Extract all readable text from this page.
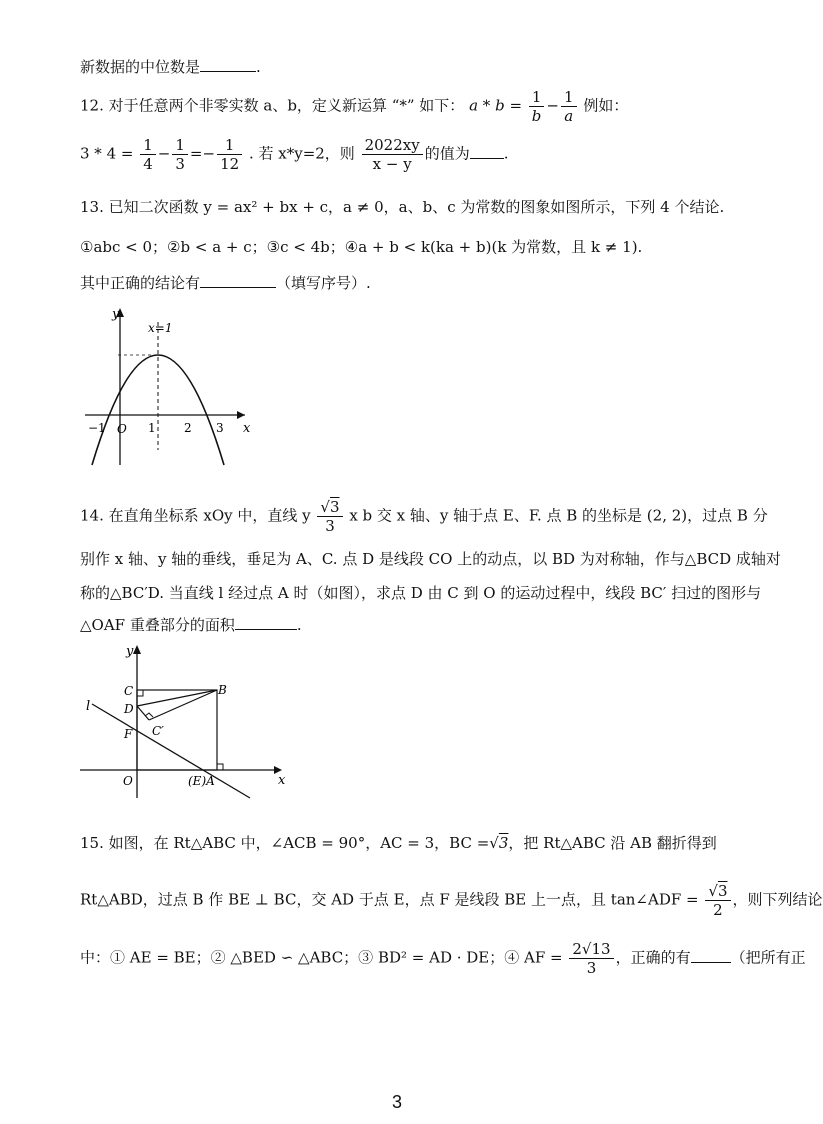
新数据的中位数是	.
12. 对于任意两个非零实数 a、b，定义新运算 “*” 如下： $a * b = \frac{1}{b} - \frac{1}{a}$ 例如：
$3 * 4 = \frac{1}{4} - \frac{1}{3} =- \frac{1}{12}$ . 若 x*y=2，则 $\frac{2022xy}{x - y}$ 的值为 .
13. 已知二次函数 y = ax² + bx + c，a ≠ 0，a、b、c 为常数的图象如图所示，下列 4 个结论.
①abc < 0；②b < a + c；③c < 4b；④a + b < k(ka + b)(k 为常数，且 k ≠ 1).
其中正确的结论有	（填写序号）.
y
x
x=1
−1 O 1 2 3
14. 在直角坐标系 xOy 中，直线 y $\frac{√3}{3}$ x b 交 x 轴、y 轴于点 E、F. 点 B 的坐标是 (2, 2)，过点 B 分
别作 x 轴、y 轴的垂线，垂足为 A、C. 点 D 是线段 CO 上的动点，以 BD 为对称轴，作与△BCD 成轴对
称的△BC′D. 当直线 l 经过点 A 时（如图），求点 D 由 C 到 O 的运动过程中，线段 BC′ 扫过的图形与
△OAF 重叠部分的面积	.
y
x
l
C	B
D
C′
F
O	(E)A
15. 如图，在 Rt△ABC 中，∠ACB = 90°，AC = 3，BC =√3，把 Rt△ABC 沿 AB 翻折得到
Rt△ABD，过点 B 作 BE ⊥ BC，交 AD 于点 E，点 F 是线段 BE 上一点，且 tan∠ADF = $\frac{√3}{2}$ ，则下列结论
中：① AE = BE；② △BED ∽ △ABC；③ BD² = AD · DE；④ AF = $\frac{2√13}{3}$ ，正确的有	（把所有正
3
